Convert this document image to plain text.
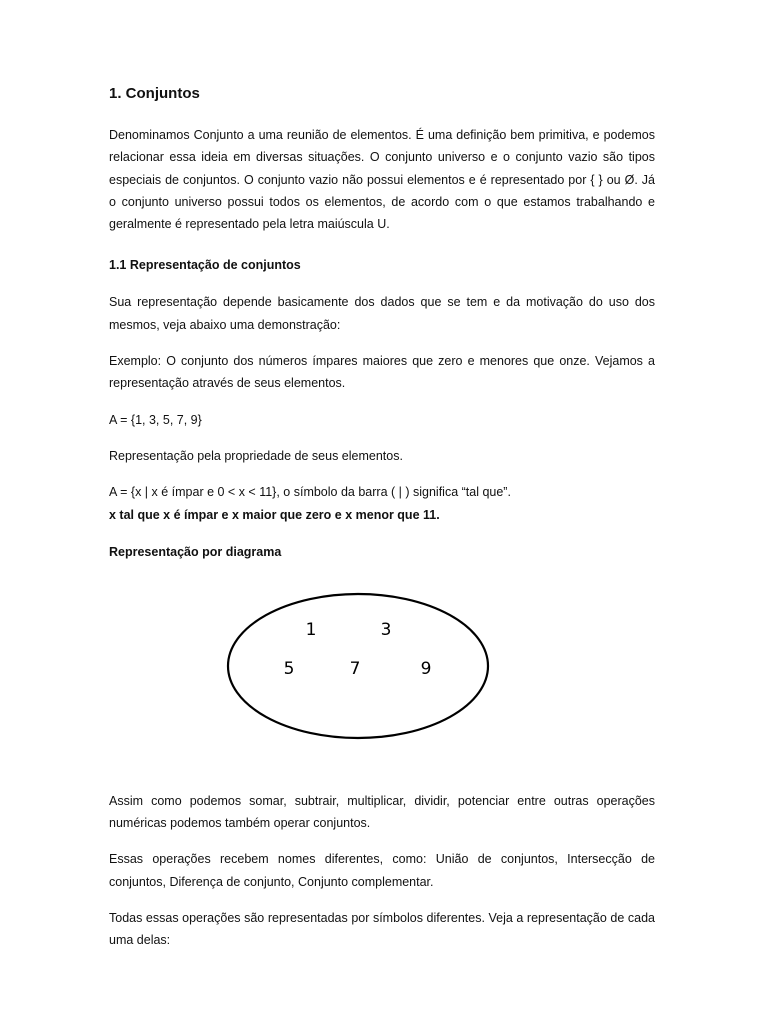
1. Conjuntos

Denominamos Conjunto a uma reunião de elementos. É uma definição bem primitiva, e podemos relacionar essa ideia em diversas situações. O conjunto universo e o conjunto vazio são tipos especiais de conjuntos. O conjunto vazio não possui elementos e é representado por { } ou Ø. Já o conjunto universo possui todos os elementos, de acordo com o que estamos trabalhando e geralmente é representado pela letra maiúscula U.

1.1 Representação de conjuntos

Sua representação depende basicamente dos dados que se tem e da motivação do uso dos mesmos, veja abaixo uma demonstração:

Exemplo: O conjunto dos números ímpares maiores que zero e menores que onze. Vejamos a representação através de seus elementos.

A = {1, 3, 5, 7, 9}

Representação pela propriedade de seus elementos.

A = {x | x é ímpar e 0 < x < 11}, o símbolo da barra ( | ) significa “tal que”.
x tal que x é ímpar e x maior que zero e x menor que 11.

Representação por diagrama
1	3
5	7	9

Assim como podemos somar, subtrair, multiplicar, dividir, potenciar entre outras operações numéricas podemos também operar conjuntos.

Essas operações recebem nomes diferentes, como: União de conjuntos, Intersecção de conjuntos, Diferença de conjunto, Conjunto complementar.

Todas essas operações são representadas por símbolos diferentes. Veja a representação de cada uma delas:
